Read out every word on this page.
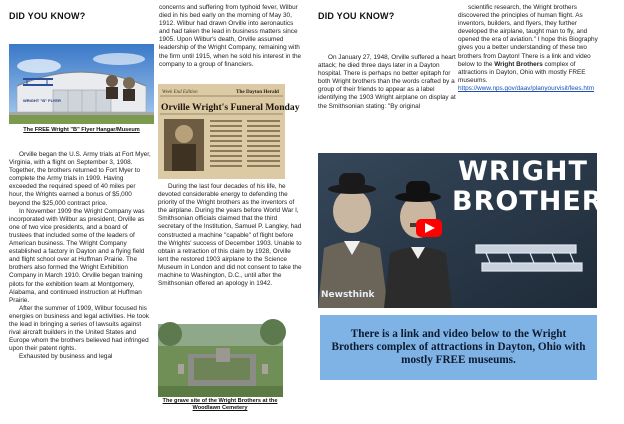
DID YOU KNOW?
WRIGHT "B" FLYER
The FREE Wright "B" Flyer Hangar/Museum

Orville began the U.S. Army trials at Fort Myer, Virginia, with a flight on September 3, 1908. Together, the brothers returned to Fort Myer to complete the Army trials in 1909. Having exceeded the required speed of 40 miles per hour, the Wrights earned a bonus of $5,000 beyond the $25,000 contract price.

In November 1909 the Wright Company was incorporated with Wilbur as president, Orville as one of two vice presidents, and a board of trustees that included some of the leaders of American business. The Wright Company established a factory in Dayton and a flying field and flight school over at Huffman Prairie. The brothers also formed the Wright Exhibition Company in March 1910. Orville began training pilots for the exhibition team at Montgomery, Alabama, and continued instruction at Huffman Prairie.

After the summer of 1909, Wilbur focused his energies on business and legal activities. He took the lead in bringing a series of lawsuits against rival aircraft builders in the United States and Europe whom the brothers believed had infringed upon their patent rights.

Exhausted by business and legal

concerns and suffering from typhoid fever, Wilbur died in his bed early on the morning of May 30, 1912. Wilbur had drawn Orville into aeronautics and had taken the lead in business matters since 1905. Upon Wilbur's death, Orville assumed leadership of the Wright Company, remaining with the firm until 1915, when he sold his interest in the company to a group of financiers.
Week End Edition	The Dayton Herald
Orville Wright's Funeral Monday

During the last four decades of his life, he devoted considerable energy to defending the priority of the Wright brothers as the inventors of the airplane. During the years before World War I, Smithsonian officials claimed that the third secretary of the Institution, Samuel P. Langley, had constructed a machine "capable" of flight before the Wrights' success of December 1903. Unable to obtain a retraction of this claim by 1928, Orville lent the restored 1903 airplane to the Science Museum in London and did not consent to take the machine to Washington, D.C., until after the Smithsonian offered an apology in 1942.

The grave site of the Wright Brothers at the Woodlawn Cemetery
DID YOU KNOW?

On January 27, 1948, Orville suffered a heart attack; he died three days later in a Dayton hospital. There is perhaps no better epitaph for both Wright brothers than the words crafted by a group of their friends to appear as a label identifying the 1903 Wright airplane on display at the Smithsonian stating: "By original

scientific research, the Wright brothers discovered the principles of human flight. As inventors, builders, and flyers, they further developed the airplane, taught man to fly, and opened the era of aviation." I hope this Biography gives you a better understanding of these two brothers from Dayton! There is a link and video below to the Wright Brothers complex of attractions in Dayton, Ohio with mostly FREE museums.

https://www.nps.gov/daav/planyourvisit/fees.htm
WRIGHT
BROTHERS
Newsthink
There is a link and video below to the Wright Brothers complex of attractions in Dayton, Ohio with mostly FREE museums.
